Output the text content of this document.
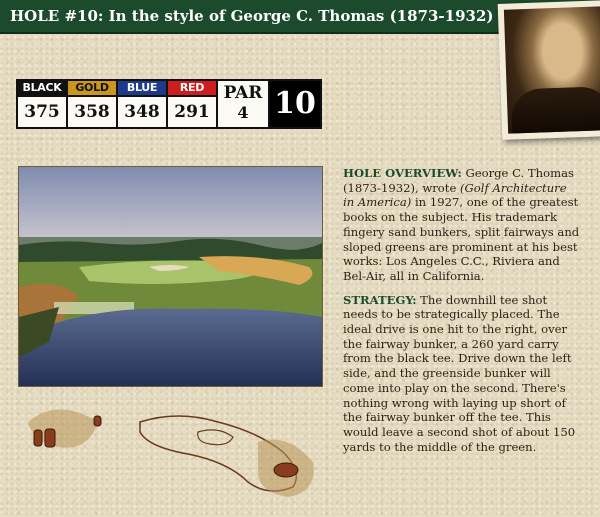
HOLE #10: In the style of George C. Thomas (1873-1932)
BLACK
375
GOLD
358
BLUE
348
RED
291
PAR
4 10

HOLE OVERVIEW: George C. Thomas (1873-1932), wrote (Golf Architecture in America) in 1927, one of the greatest books on the subject. His trademark fingery sand bunkers, split fairways and sloped greens are prominent at his best works: Los Angeles C.C., Riviera and Bel-Air, all in California.

STRATEGY: The downhill tee shot needs to be strategically placed. The ideal drive is one hit to the right, over the fairway bunker, a 260 yard carry from the black tee. Drive down the left side, and the greenside bunker will come into play on the second. There's nothing wrong with laying up short of the fairway bunker off the tee. This would leave a second shot of about 150 yards to the middle of the green.
